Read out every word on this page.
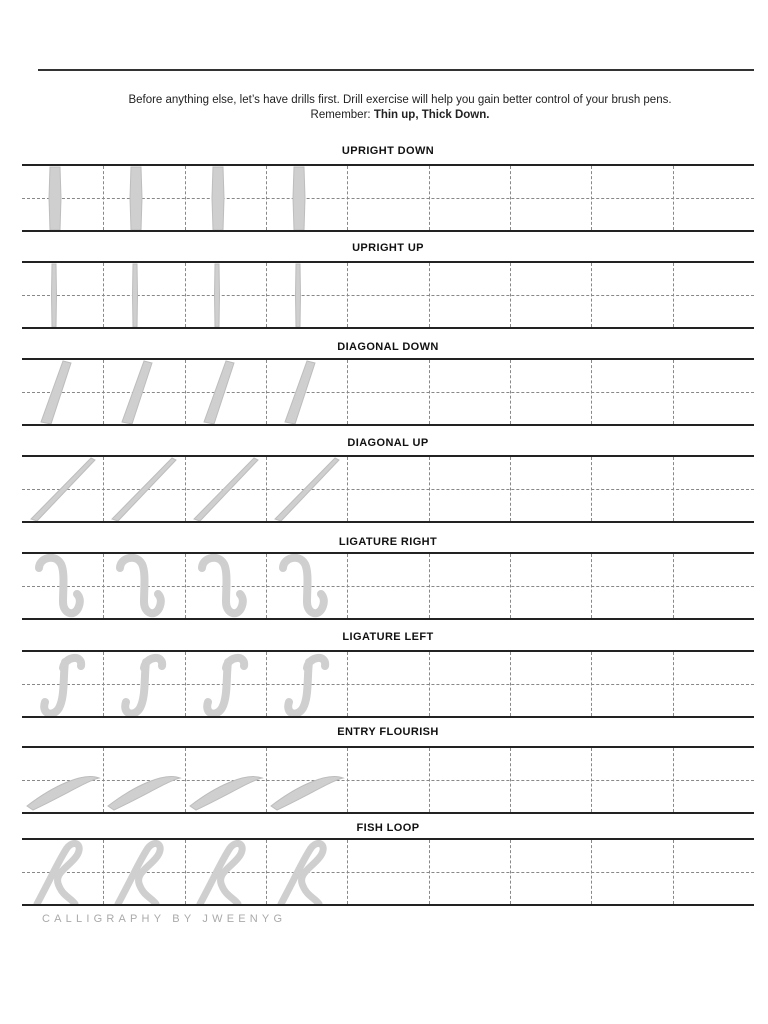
Before anything else, let’s have drills first. Drill exercise will help you gain better control of your brush pens.
Remember: Thin up, Thick Down.
UPRIGHT DOWN
UPRIGHT UP
DIAGONAL DOWN
DIAGONAL UP
LIGATURE RIGHT
LIGATURE LEFT
ENTRY FLOURISH
FISH LOOP
CALLIGRAPHY BY JWEENYG
